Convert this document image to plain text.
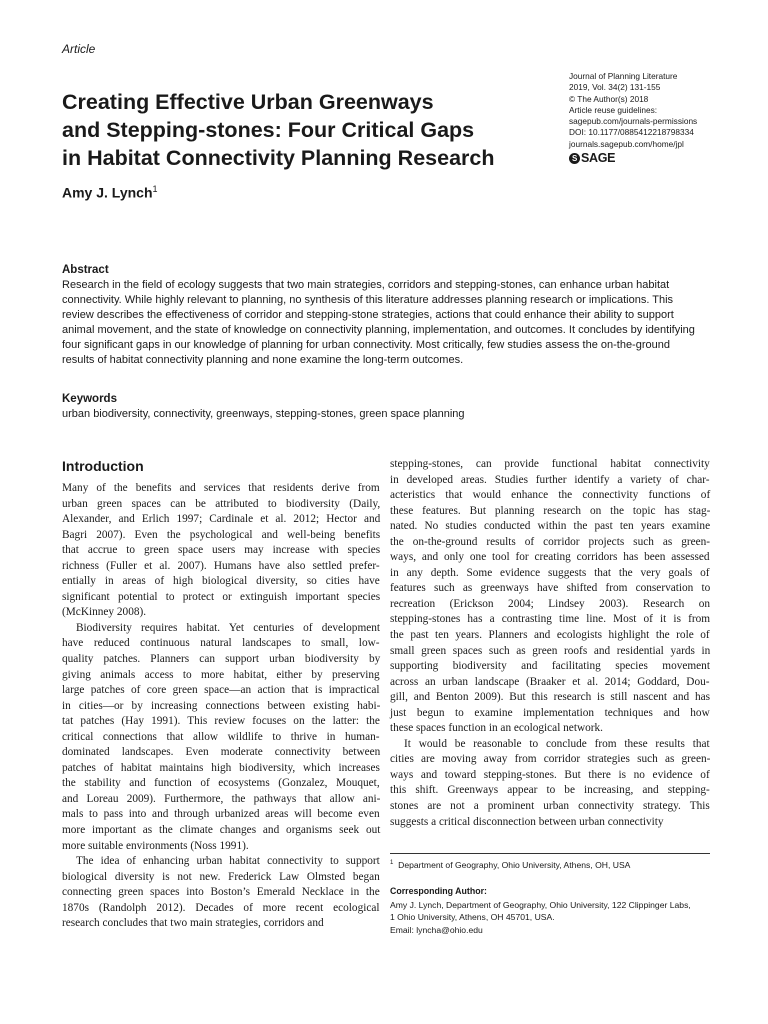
Article
Creating Effective Urban Greenways
and Stepping-stones: Four Critical Gaps
in Habitat Connectivity Planning Research
Amy J. Lynch$^1$
Journal of Planning Literature
2019, Vol. 34(2) 131-155
© The Author(s) 2018
Article reuse guidelines:
sagepub.com/journals-permissions
DOI: 10.1177/0885412218798334
journals.sagepub.com/home/jpl
S SAGE
Abstract
Research in the field of ecology suggests that two main strategies, corridors and stepping-stones, can enhance urban habitat
connectivity. While highly relevant to planning, no synthesis of this literature addresses planning research or implications. This
review describes the effectiveness of corridor and stepping-stone strategies, actions that could enhance their ability to support
animal movement, and the state of knowledge on connectivity planning, implementation, and outcomes. It concludes by identifying
four significant gaps in our knowledge of planning for urban connectivity. Most critically, few studies assess the on-the-ground
results of habitat connectivity planning and none examine the long-term outcomes.
Keywords
urban biodiversity, connectivity, greenways, stepping-stones, green space planning
Introduction
Many of the benefits and services that residents derive from
urban green spaces can be attributed to biodiversity (Daily,
Alexander, and Erlich 1997; Cardinale et al. 2012; Hector and
Bagri 2007). Even the psychological and well-being benefits
that accrue to green space users may increase with species
richness (Fuller et al. 2007). Humans have also settled prefer-
entially in areas of high biological diversity, so cities have
significant potential to protect or extinguish important species
(McKinney 2008).
Biodiversity requires habitat. Yet centuries of development
have reduced continuous natural landscapes to small, low-
quality patches. Planners can support urban biodiversity by
giving animals access to more habitat, either by preserving
large patches of core green space—an action that is impractical
in cities—or by increasing connections between existing habi-
tat patches (Hay 1991). This review focuses on the latter: the
critical connections that allow wildlife to thrive in human-
dominated landscapes. Even moderate connectivity between
patches of habitat maintains high biodiversity, which increases
the stability and function of ecosystems (Gonzalez, Mouquet,
and Loreau 2009). Furthermore, the pathways that allow ani-
mals to pass into and through urbanized areas will become even
more important as the climate changes and organisms seek out
more suitable environments (Noss 1991).
The idea of enhancing urban habitat connectivity to support
biological diversity is not new. Frederick Law Olmsted began
connecting green spaces into Boston’s Emerald Necklace in the
1870s (Randolph 2012). Decades of more recent ecological
research concludes that two main strategies, corridors and
stepping-stones, can provide functional habitat connectivity
in developed areas. Studies further identify a variety of char-
acteristics that would enhance the connectivity functions of
these features. But planning research on the topic has stag-
nated. No studies conducted within the past ten years examine
the on-the-ground results of corridor projects such as green-
ways, and only one tool for creating corridors has been assessed
in any depth. Some evidence suggests that the very goals of
features such as greenways have shifted from conservation to
recreation (Erickson 2004; Lindsey 2003). Research on
stepping-stones has a contrasting time line. Most of it is from
the past ten years. Planners and ecologists highlight the role of
small green spaces such as green roofs and residential yards in
supporting biodiversity and facilitating species movement
across an urban landscape (Braaker et al. 2014; Goddard, Dou-
gill, and Benton 2009). But this research is still nascent and has
just begun to examine implementation techniques and how
these spaces function in an ecological network.
It would be reasonable to conclude from these results that
cities are moving away from corridor strategies such as green-
ways and toward stepping-stones. But there is no evidence of
this shift. Greenways appear to be increasing, and stepping-
stones are not a prominent urban connectivity strategy. This
suggests a critical disconnection between urban connectivity
$^1$ Department of Geography, Ohio University, Athens, OH, USA
Corresponding Author:
Amy J. Lynch, Department of Geography, Ohio University, 122 Clippinger Labs,
1 Ohio University, Athens, OH 45701, USA.
Email: lyncha@ohio.edu
